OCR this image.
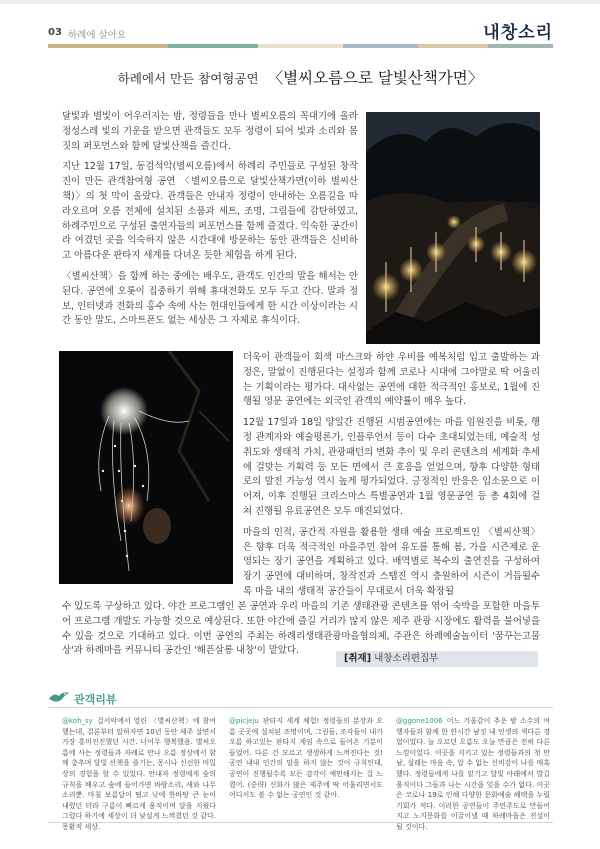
03 하례에 살아요	내창소리
하례에서 만든 참여형공연 〈별씨오름으로 달빛산책가면〉

달빛과 별빛이 어우러지는 밤, 정령들을 만나 별씨오름의 꼭대기에 올라 정성스레 빛의 기운을 받으면 관객들도 모두 정령이 되어 빛과 소리와 몸짓의 퍼포먼스와 함께 달빛산책을 즐긴다.

지난 12월 17일, 동검석악(별씨오름)에서 하례리 주민들로 구성된 창작진이 만든 관객참여형 공연 〈별씨오름으로 달빛산책가면(이하 별씨산책)〉의 첫 막이 올랐다. 관객들은 안내자 정령이 안내하는 오름길을 따라오르며 오름 전체에 설치된 소품과 세트, 조명, 그림들에 감탄하였고, 하례주민으로 구성된 출연자들의 퍼포먼스를 함께 즐겼다. 익숙한 공간이라 여겼던 곳을 익숙하지 않은 시간대에 방문하는 동안 관객들은 신비하고 아름다운 판타지 세계를 다녀온 듯한 체험을 하게 된다.

〈별씨산책〉을 함께 하는 중에는 배우도, 관객도 인간의 말을 해서는 안된다. 공연에 오롯이 집중하기 위해 휴대전화도 모두 두고 간다. 말과 정보, 인터넷과 전화의 홍수 속에 사는 현대인들에게 한 시간 이상이라는 시간 동안 말도, 스마트폰도 없는 세상은 그 자체로 휴식이다.

더욱이 관객들이 회색 마스크와 하얀 우비를 예복처럼 입고 출발하는 과정은, 말없이 진행된다는 설정과 함께 코로나 시대에 그야말로 딱 어울리는 기획이라는 평가다. 대사없는 공연에 대한 적극적인 홍보로, 1월에 진행될 영문 공연에는 외국인 관객의 예약률이 매우 높다.

12월 17일과 18일 양일간 진행된 시범공연에는 마을 임원진을 비롯, 행정 관계자와 예술평론가, 인플루언서 등이 다수 초대되었는데, 예술적 성취도와 생태적 가치, 관광패턴의 변화 추이 및 우리 콘텐츠의 세계화 추세에 걸맞는 기획력 등 모든 면에서 큰 호응을 얻었으며, 향후 다양한 형태로의 발전 가능성 역시 높게 평가되었다. 긍정적인 반응은 입소문으로 이어져, 이후 진행된 크리스마스 특별공연과 1월 영문공연 등 총 4회에 걸쳐 진행될 유료공연은 모두 매진되었다.

마을의 인적, 공간적 자원을 활용한 생태 예술 프로젝트인 〈별씨산책〉은 향후 더욱 적극적인 마을주민 참여 유도를 통해 봄, 가을 시즌제로 운영되는 장기 공연을 계획하고 있다. 배역별로 복수의 출연진을 구성하여 장기 공연에 대비하며, 창작진과 스탭진 역시 충원하여 시즌이 거듭될수록 마을 내의 생태적 공간들이 무대로서 더욱 확장될

수 있도록 구상하고 있다. 야간 프로그램인 본 공연과 우리 마을의 기존 생태관광 콘텐츠를 엮어 숙박을 포함한 마을투어 프로그램 개발도 가능할 것으로 예상된다. 또한 야간에 즐길 거리가 많지 않은 제주 관광 시장에도 활력을 불어넣을 수 있을 것으로 기대하고 있다. 이번 공연의 주최는 하례리생태관광마을협의체, 주관은 하례예술놀이터 '꿈꾸는고물상'과 하례마을 커뮤니티 공간인 '해픈살롱 내창'이 맡았다.

[취재] 내창소리편집부
관객리뷰
@koh_sy 걸서악에서 열린 〈별씨산책〉에 참여했는데, 결론부터 말하자면 10년 동안 제주 살면서 가장 흥미진진했던 시간. 너어무 행복했음. 별씨오름에 사는 정령들과 자례로 만나 오름 정상에서 함께 춤추며 달빛 산책을 즐기는, 몽시나 신선한 비밀상의 경험을 할 수 있었다. 안내자 정령에게 숲의 규칙을 배우고 숲에 들어가면 바람소리, 새와 나무 소리뿐. 마침 보름달이 떴고 낮에 한바탕 큰 눈이 내렸던 터라 구름이 빠르게 움직이며 달을 지웠다 그렸다 하기에 세상이 더 낯설게 느껴졌던 것 같다. 몽환적 세상.
@picjeju 판타지 세계 체험! 정령들의 분장과 오름 곳곳에 설치된 조명이며, 그림들, 조각들이 내가 오름 하고있는 판타지 게임 속으로 들어온 기분이 들었어. 다른 건 모르고 생생하게 느껴진다는 것! 공연 내내 인간의 말을 하지 않는 것이 규칙인데, 공연이 진행될수록 모든 감각이 예민해지는 걸 느꼈어. (중략) 신화가 많은 제주에 딱 어울리면서도 어디서도 볼 수 없는 공연인 것 같아.
@ggone1006 어느 겨울같이 추운 밤 소수의 여행자들과 함께 한 한시간 남짓 내 인생의 색다른 경험이었다. 늘 오르던 오름도 오늘 만큼은 전혀 다른 느낌이었다. 이곳을 지키고 있는 정령들과의 첫 만남, 설레는 마음 속, 알 수 없는 신비감이 나를 매혹했다. 정령들에게 나를 맡기고 달빛 아래에서 발길 움직이다 그들과 나는 시간을 잊을 수가 없다. 이곳은 코로나 19로 인해 다양한 문화예술 혜택을 누릴 기회가 적다. 이러한 공연들이 주민주도로 만들어지고 노지문화를 이끌어낼 때 하례마을은 진설이 될 것이다.
